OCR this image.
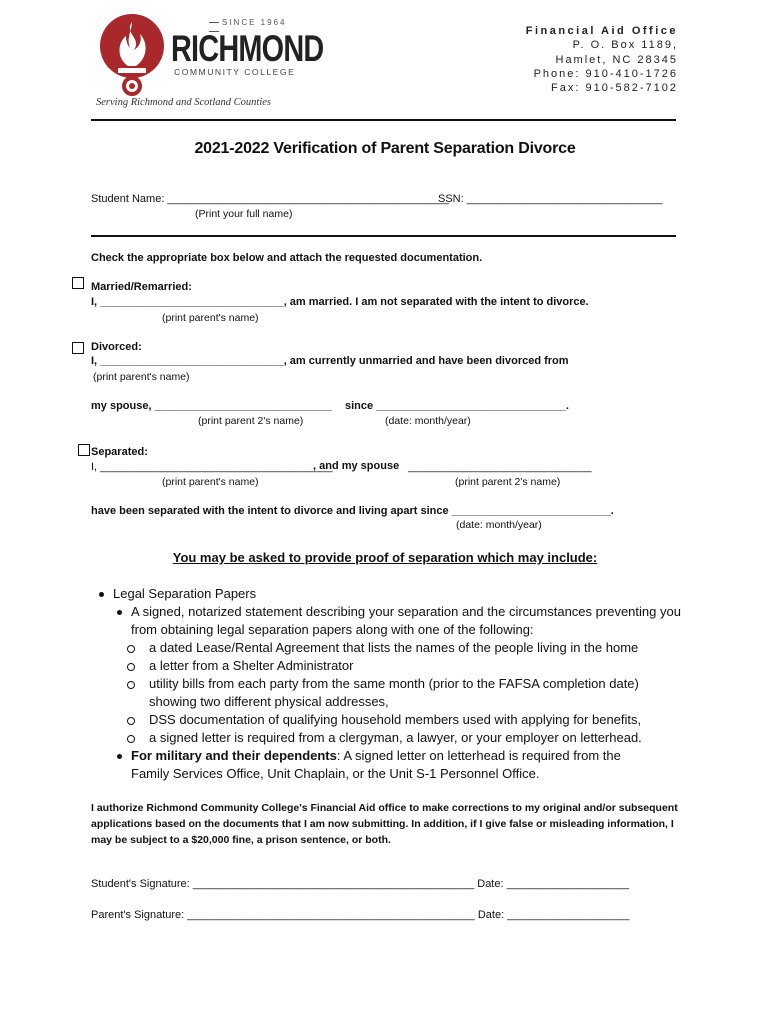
SINCE 1964
RICHMOND
COMMUNITY COLLEGE
Serving Richmond and Scotland Counties
Financial Aid Office
P. O. Box 1189,
Hamlet, NC 28345
Phone: 910-410-1726
Fax: 910-582-7102
2021-2022 Verification of Parent Separation Divorce
Student Name: ______________________________________________
(Print your full name)
SSN: ________________________________
Check the appropriate box below and attach the requested documentation.
Married/Remarried:
I, ______________________________, am married. I am not separated with the intent to divorce.
(print parent's name)
Divorced:
I, ______________________________, am currently unmarried and have been divorced from
(print parent's name)
my spouse, _____________________________
(print parent 2's name)
since _______________________________.
(date: month/year)
Separated:
I, ______________________________________
, and my spouse ______________________________
(print parent's name)	(print parent 2's name)
have been separated with the intent to divorce and living apart since __________________________.
(date: month/year)
You may be asked to provide proof of separation which may include:
Legal Separation Papers
A signed, notarized statement describing your separation and the circumstances preventing you
from obtaining legal separation papers along with one of the following:
a dated Lease/Rental Agreement that lists the names of the people living in the home
a letter from a Shelter Administrator
utility bills from each party from the same month (prior to the FAFSA completion date)
showing two different physical addresses,
DSS documentation of qualifying household members used with applying for benefits,
a signed letter is required from a clergyman, a lawyer, or your employer on letterhead.
For military and their dependents: A signed letter on letterhead is required from the
Family Services Office, Unit Chaplain, or the Unit S-1 Personnel Office.
I authorize Richmond Community College's Financial Aid office to make corrections to my original and/or subsequent applications based on the documents that I am now submitting. In addition, if I give false or misleading information, I may be subject to a $20,000 fine, a prison sentence, or both.
Student's Signature: ______________________________________________ Date: ____________________
Parent's Signature: _______________________________________________ Date: ____________________
